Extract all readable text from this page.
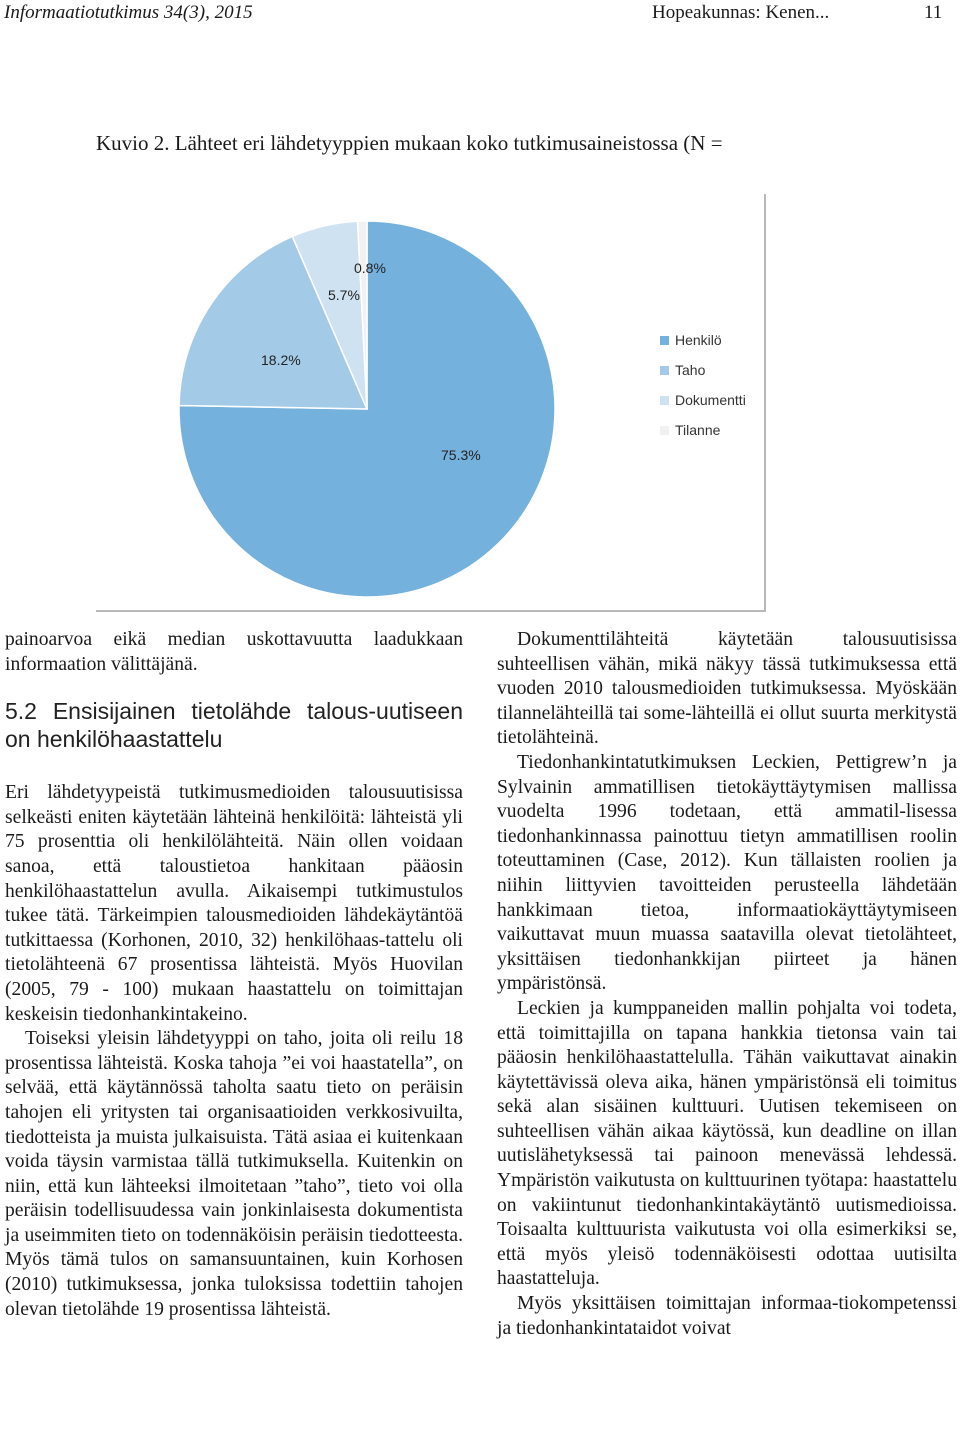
Informaatiotutkimus 34(3), 2015	Hopeakunnas: Kenen...	11
Kuvio 2. Lähteet eri lähdetyyppien mukaan koko tutkimusaineistossa (N =
75.3%
18.2%
5.7%
0.8%
Henkilö
Taho
Dokumentti
Tilanne

painoarvoa eikä median uskottavuutta laadukkaan informaation välittäjänä.

5.2 Ensisijainen tietolähde talous-uutiseen on henkilöhaastattelu

Eri lähdetyypeistä tutkimusmedioiden talousuutisissa selkeästi eniten käytetään lähteinä henkilöitä: lähteistä yli 75 prosenttia oli henkilölähteitä. Näin ollen voidaan sanoa, että taloustietoa hankitaan pääosin henkilöhaastattelun avulla. Aikaisempi tutkimustulos tukee tätä. Tärkeimpien talousmedioiden lähdekäytäntöä tutkittaessa (Korhonen, 2010, 32) henkilöhaas-tattelu oli tietolähteenä 67 prosentissa lähteistä. Myös Huovilan (2005, 79 - 100) mukaan haastattelu on toimittajan keskeisin tiedonhankintakeino.

Toiseksi yleisin lähdetyyppi on taho, joita oli reilu 18 prosentissa lähteistä. Koska tahoja ”ei voi haastatella”, on selvää, että käytännössä taholta saatu tieto on peräisin tahojen eli yritysten tai organisaatioiden verkkosivuilta, tiedotteista ja muista julkaisuista. Tätä asiaa ei kuitenkaan voida täysin varmistaa tällä tutkimuksella. Kuitenkin on niin, että kun lähteeksi ilmoitetaan ”taho”, tieto voi olla peräisin todellisuudessa vain jonkinlaisesta dokumentista ja useimmiten tieto on todennäköisin peräisin tiedotteesta. Myös tämä tulos on samansuuntainen, kuin Korhosen (2010) tutkimuksessa, jonka tuloksissa todettiin tahojen olevan tietolähde 19 prosentissa lähteistä.

Dokumenttilähteitä käytetään talousuutisissa suhteellisen vähän, mikä näkyy tässä tutkimuksessa että vuoden 2010 talousmedioiden tutkimuksessa. Myöskään tilannelähteillä tai some-lähteillä ei ollut suurta merkitystä tietolähteinä.

Tiedonhankintatutkimuksen Leckien, Pettigrew’n ja Sylvainin ammatillisen tietokäyttäytymisen mallissa vuodelta 1996 todetaan, että ammatil-lisessa tiedonhankinnassa painottuu tietyn ammatillisen roolin toteuttaminen (Case, 2012). Kun tällaisten roolien ja niihin liittyvien tavoitteiden perusteella lähdetään hankkimaan tietoa, informaatiokäyttäytymiseen vaikuttavat muun muassa saatavilla olevat tietolähteet, yksittäisen tiedonhankkijan piirteet ja hänen ympäristönsä.

Leckien ja kumppaneiden mallin pohjalta voi todeta, että toimittajilla on tapana hankkia tietonsa vain tai pääosin henkilöhaastattelulla. Tähän vaikuttavat ainakin käytettävissä oleva aika, hänen ympäristönsä eli toimitus sekä alan sisäinen kulttuuri. Uutisen tekemiseen on suhteellisen vähän aikaa käytössä, kun deadline on illan uutislähetyksessä tai painoon menevässä lehdessä. Ympäristön vaikutusta on kulttuurinen työtapa: haastattelu on vakiintunut tiedonhankintakäytäntö uutismedioissa. Toisaalta kulttuurista vaikutusta voi olla esimerkiksi se, että myös yleisö todennäköisesti odottaa uutisilta haastatteluja.

Myös yksittäisen toimittajan informaa-tiokompetenssi ja tiedonhankintataidot voivat
